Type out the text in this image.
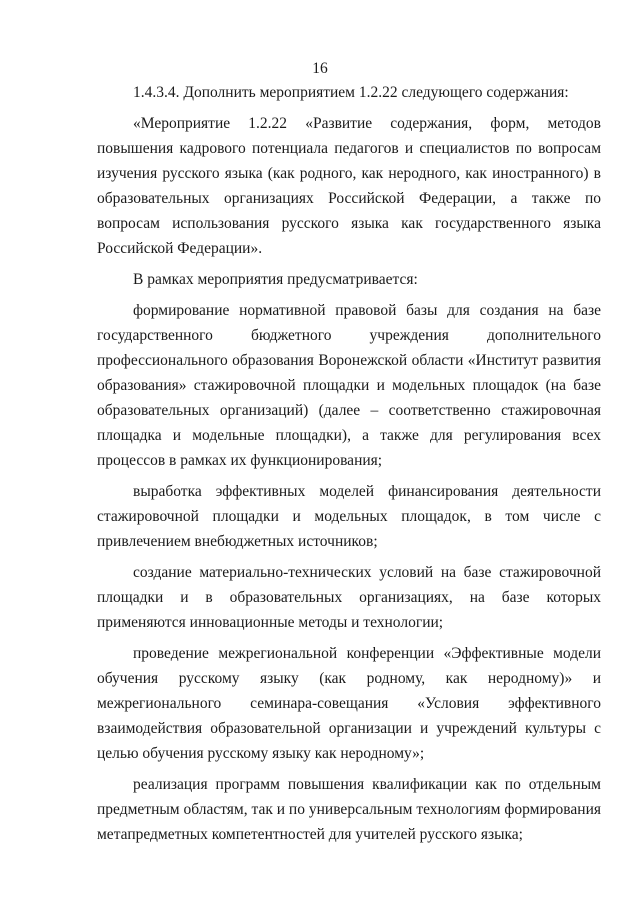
16

1.4.3.4. Дополнить мероприятием 1.2.22 следующего содержания:

«Мероприятие 1.2.22 «Развитие содержания, форм, методов повышения кадрового потенциала педагогов и специалистов по вопросам изучения русского языка (как родного, как неродного, как иностранного) в образовательных организациях Российской Федерации, а также по вопросам использования русского языка как государственного языка Российской Федерации».

В рамках мероприятия предусматривается:

формирование нормативной правовой базы для создания на базе государственного бюджетного учреждения дополнительного профессионального образования Воронежской области «Институт развития образования» стажировочной площадки и модельных площадок (на базе образовательных организаций) (далее – соответственно стажировочная площадка и модельные площадки), а также для регулирования всех процессов в рамках их функционирования;

выработка эффективных моделей финансирования деятельности стажировочной площадки и модельных площадок, в том числе с привлечением внебюджетных источников;

создание материально-технических условий на базе стажировочной площадки и в образовательных организациях, на базе которых применяются инновационные методы и технологии;

проведение межрегиональной конференции «Эффективные модели обучения русскому языку (как родному, как неродному)» и межрегионального семинара-совещания «Условия эффективного взаимодействия образовательной организации и учреждений культуры с целью обучения русскому языку как неродному»;

реализация программ повышения квалификации как по отдельным предметным областям, так и по универсальным технологиям формирования метапредметных компетентностей для учителей русского языка;
